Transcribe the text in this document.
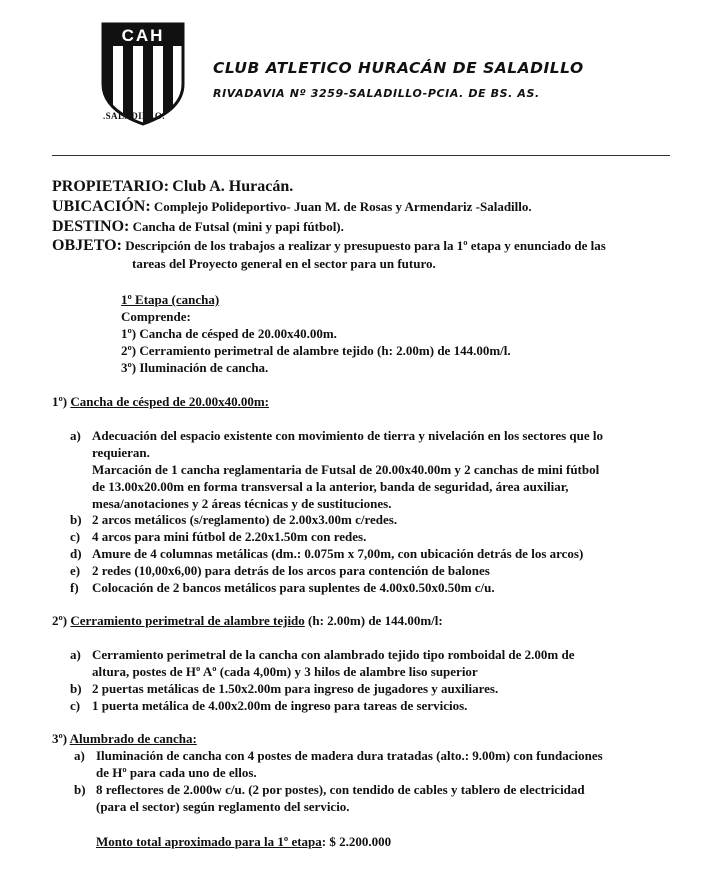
CAH
.SALADILLO.
CLUB ATLETICO HURACÁN DE SALADILLO
RIVADAVIA Nº 3259-SALADILLO-PCIA. DE BS. AS.
PROPIETARIO: Club A. Huracán.
UBICACIÓN: Complejo Polideportivo- Juan M. de Rosas y Armendariz -Saladillo.
DESTINO: Cancha de Futsal (mini y papi fútbol).
OBJETO: Descripción de los trabajos a realizar y presupuesto para la 1º etapa y enunciado de las
tareas del Proyecto general en el sector para un futuro.
1º Etapa (cancha)
Comprende:
1º) Cancha de césped de 20.00x40.00m.
2º) Cerramiento perimetral de alambre tejido (h: 2.00m) de 144.00m/l.
3º) Iluminación de cancha.
1º) Cancha de césped de 20.00x40.00m:
a) Adecuación del espacio existente con movimiento de tierra y nivelación en los sectores que lo
requieran.
Marcación de 1 cancha reglamentaria de Futsal de 20.00x40.00m y 2 canchas de mini fútbol
de 13.00x20.00m en forma transversal a la anterior, banda de seguridad, área auxiliar,
mesa/anotaciones y 2 áreas técnicas y de sustituciones.
b) 2 arcos metálicos (s/reglamento) de 2.00x3.00m c/redes.
c) 4 arcos para mini fútbol de 2.20x1.50m con redes.
d) Amure de 4 columnas metálicas (dm.: 0.075m x 7,00m, con ubicación detrás de los arcos)
e) 2 redes (10,00x6,00) para detrás de los arcos para contención de balones
f)	Colocación de 2 bancos metálicos para suplentes de 4.00x0.50x0.50m c/u.
2º) Cerramiento perimetral de alambre tejido (h: 2.00m) de 144.00m/l:
a) Cerramiento perimetral de la cancha con alambrado tejido tipo romboidal de 2.00m de
altura, postes de Hº Aº (cada 4,00m) y 3 hilos de alambre liso superior
b) 2 puertas metálicas de 1.50x2.00m para ingreso de jugadores y auxiliares.
c) 1 puerta metálica de 4.00x2.00m de ingreso para tareas de servicios.
3º) Alumbrado de cancha:
a) Iluminación de cancha con 4 postes de madera dura tratadas (alto.: 9.00m) con fundaciones
de Hº para cada uno de ellos.
b) 8 reflectores de 2.000w c/u. (2 por postes), con tendido de cables y tablero de electricidad
(para el sector) según reglamento del servicio.
Monto total aproximado para la 1º etapa: $ 2.200.000
